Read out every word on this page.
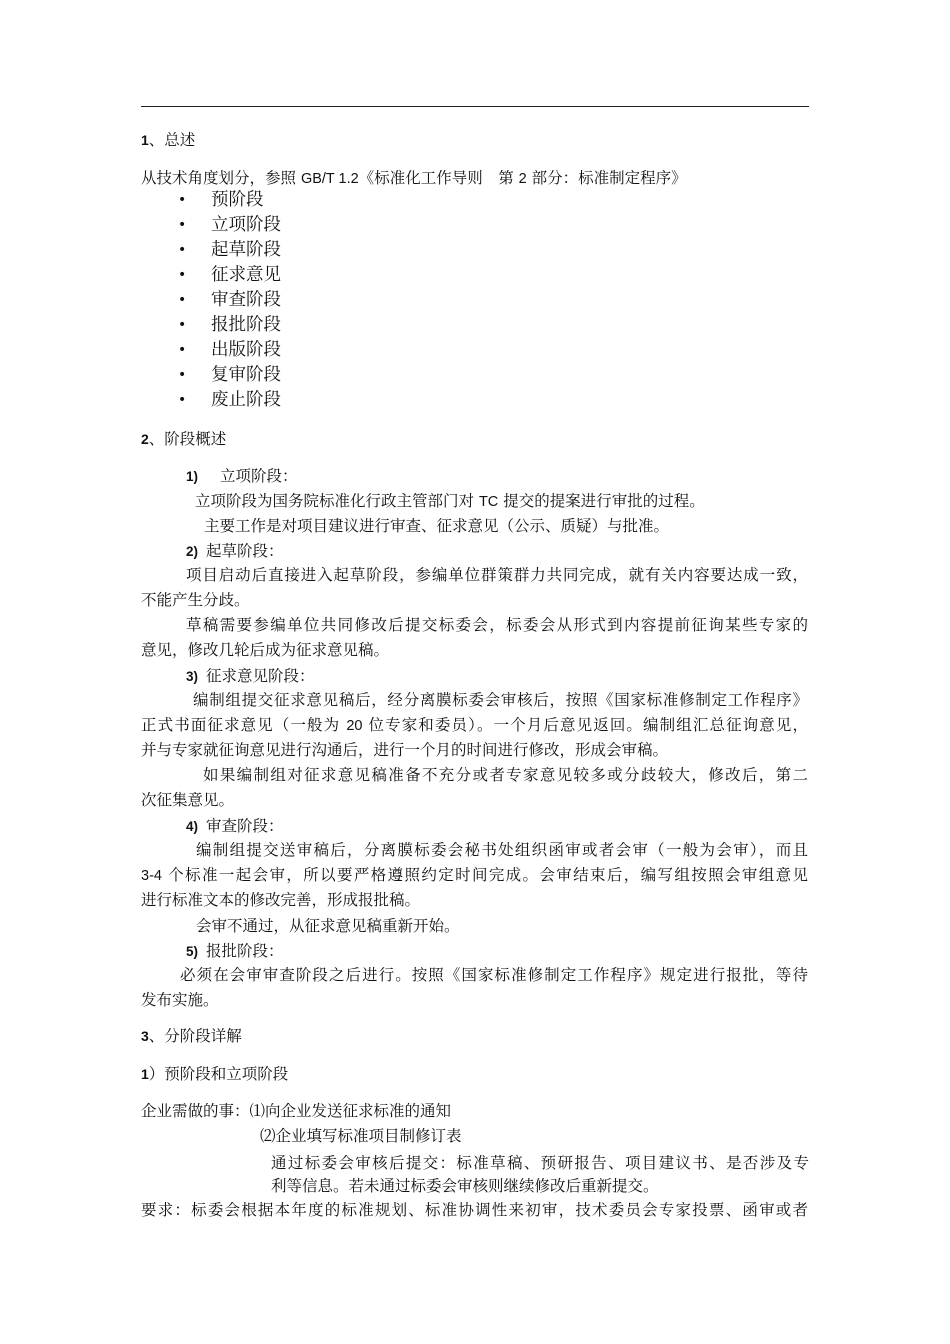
1、总述
从技术角度划分，参照 GB/T 1.2《标准化工作导则　第 2 部分：标准制定程序》
• 预阶段
• 立项阶段
• 起草阶段
• 征求意见
• 审查阶段
• 报批阶段
• 出版阶段
• 复审阶段
• 废止阶段
2、阶段概述
1) 立项阶段：
立项阶段为国务院标准化行政主管部门对 TC 提交的提案进行审批的过程。
主要工作是对项目建议进行审查、征求意见（公示、质疑）与批准。
2) 起草阶段：
项目启动后直接进入起草阶段，参编单位群策群力共同完成，就有关内容要达成一致，
不能产生分歧。
草稿需要参编单位共同修改后提交标委会，标委会从形式到内容提前征询某些专家的
意见，修改几轮后成为征求意见稿。
3) 征求意见阶段：
编制组提交征求意见稿后，经分离膜标委会审核后，按照《国家标准修制定工作程序》
正式书面征求意见（一般为 20 位专家和委员）。一个月后意见返回。编制组汇总征询意见，
并与专家就征询意见进行沟通后，进行一个月的时间进行修改，形成会审稿。
如果编制组对征求意见稿准备不充分或者专家意见较多或分歧较大，修改后，第二
次征集意见。
4) 审查阶段：
编制组提交送审稿后，分离膜标委会秘书处组织函审或者会审（一般为会审），而且
3-4 个标准一起会审，所以要严格遵照约定时间完成。会审结束后，编写组按照会审组意见
进行标准文本的修改完善，形成报批稿。
会审不通过，从征求意见稿重新开始。
5) 报批阶段：
必须在会审审查阶段之后进行。按照《国家标准修制定工作程序》规定进行报批，等待
发布实施。
3、分阶段详解
1）预阶段和立项阶段
企业需做的事：⑴向企业发送征求标准的通知
⑵企业填写标准项目制修订表
通过标委会审核后提交：标准草稿、预研报告、项目建议书、是否涉及专
利等信息。若未通过标委会审核则继续修改后重新提交。
要求：标委会根据本年度的标准规划、标准协调性来初审，技术委员会专家投票、函审或者
